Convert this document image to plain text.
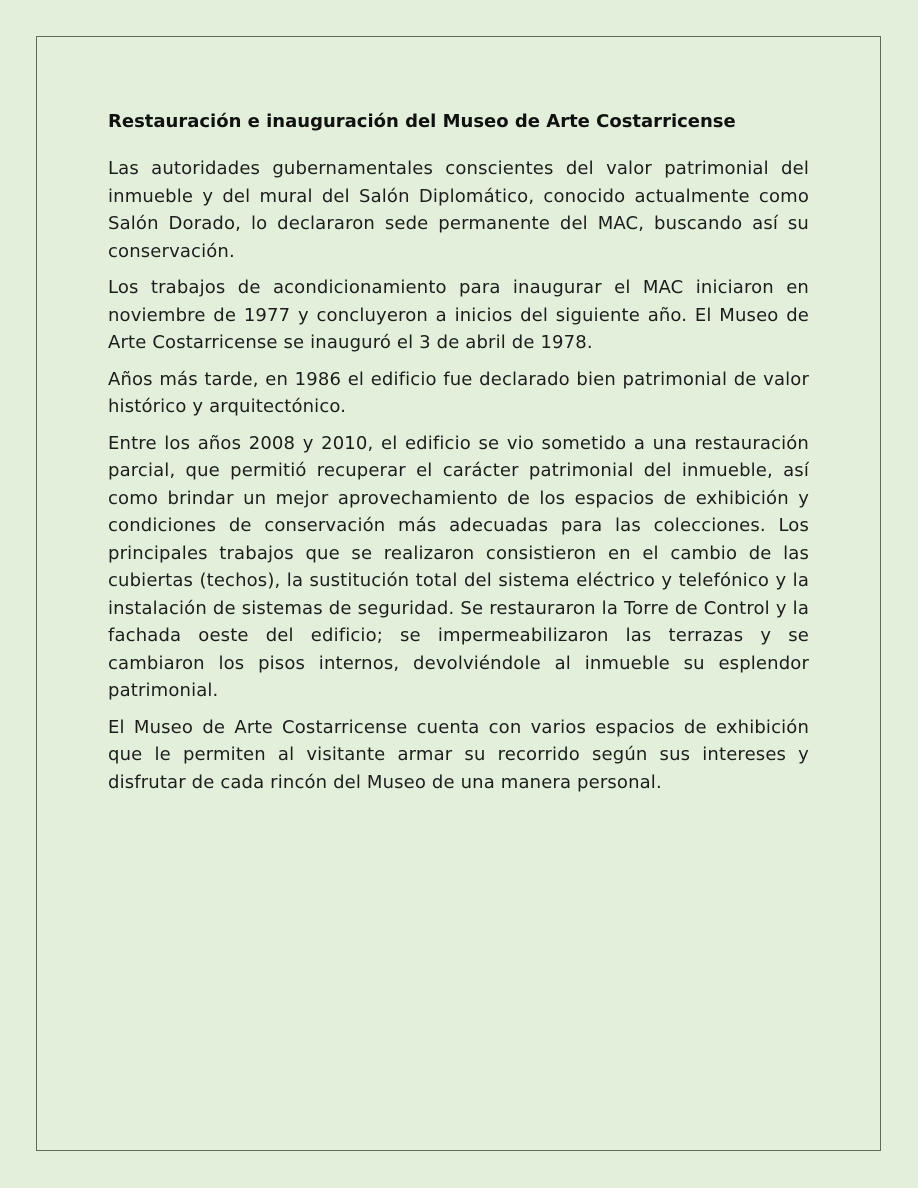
Restauración e inauguración del Museo de Arte Costarricense

Las autoridades gubernamentales conscientes del valor patrimonial del inmueble y del mural del Salón Diplomático, conocido actualmente como Salón Dorado, lo declararon sede permanente del MAC, buscando así su conservación.

Los trabajos de acondicionamiento para inaugurar el MAC iniciaron en noviembre de 1977 y concluyeron a inicios del siguiente año. El Museo de Arte Costarricense se inauguró el 3 de abril de 1978.

Años más tarde, en 1986 el edificio fue declarado bien patrimonial de valor histórico y arquitectónico.

Entre los años 2008 y 2010, el edificio se vio sometido a una restauración parcial, que permitió recuperar el carácter patrimonial del inmueble, así como brindar un mejor aprovechamiento de los espacios de exhibición y condiciones de conservación más adecuadas para las colecciones. Los principales trabajos que se realizaron consistieron en el cambio de las cubiertas (techos), la sustitución total del sistema eléctrico y telefónico y la instalación de sistemas de seguridad. Se restauraron la Torre de Control y la fachada oeste del edificio; se impermeabilizaron las terrazas y se cambiaron los pisos internos, devolviéndole al inmueble su esplendor patrimonial.

El Museo de Arte Costarricense cuenta con varios espacios de exhibición que le permiten al visitante armar su recorrido según sus intereses y disfrutar de cada rincón del Museo de una manera personal.
